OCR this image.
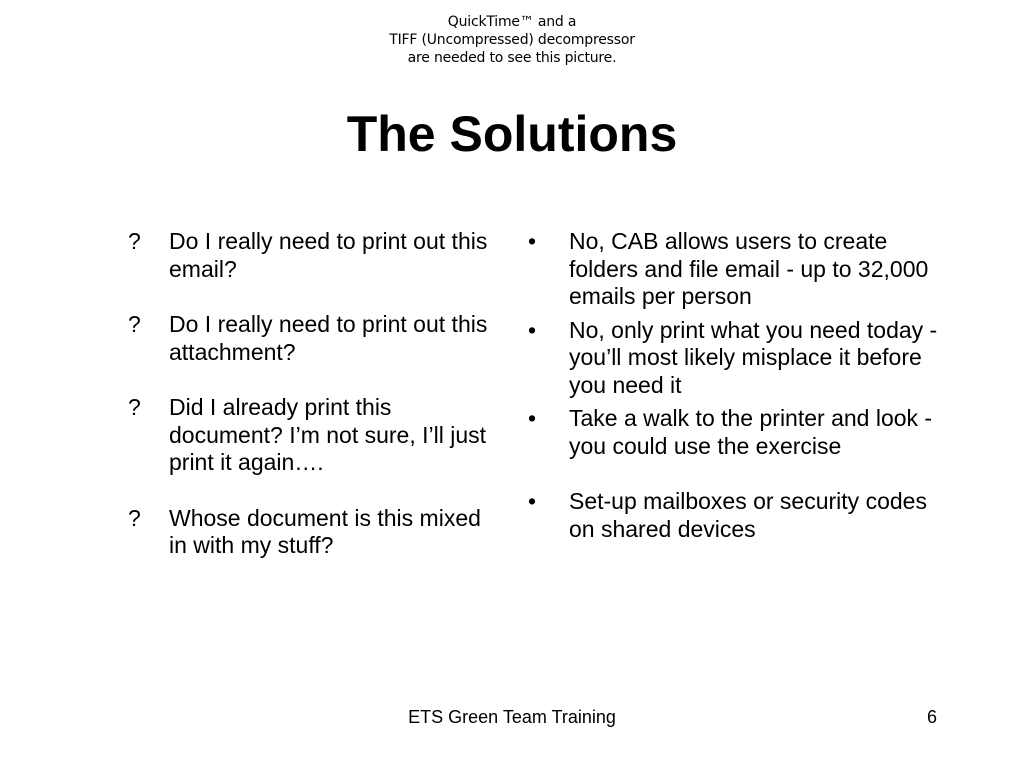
QuickTime™ and a
TIFF (Uncompressed) decompressor
are needed to see this picture.
The Solutions
?	Do I really need to print out this email?
?	Do I really need to print out this attachment?
?	Did I already print this document? I’m not sure, I’ll just print it again….
?	Whose document is this mixed in with my stuff?
•	No, CAB allows users to create folders and file email - up to 32,000 emails per person
•	No, only print what you need today - you’ll most likely misplace it before you need it
•	Take a walk to the printer and look - you could use the exercise
•	Set-up mailboxes or security codes on shared devices
ETS Green Team Training	6
